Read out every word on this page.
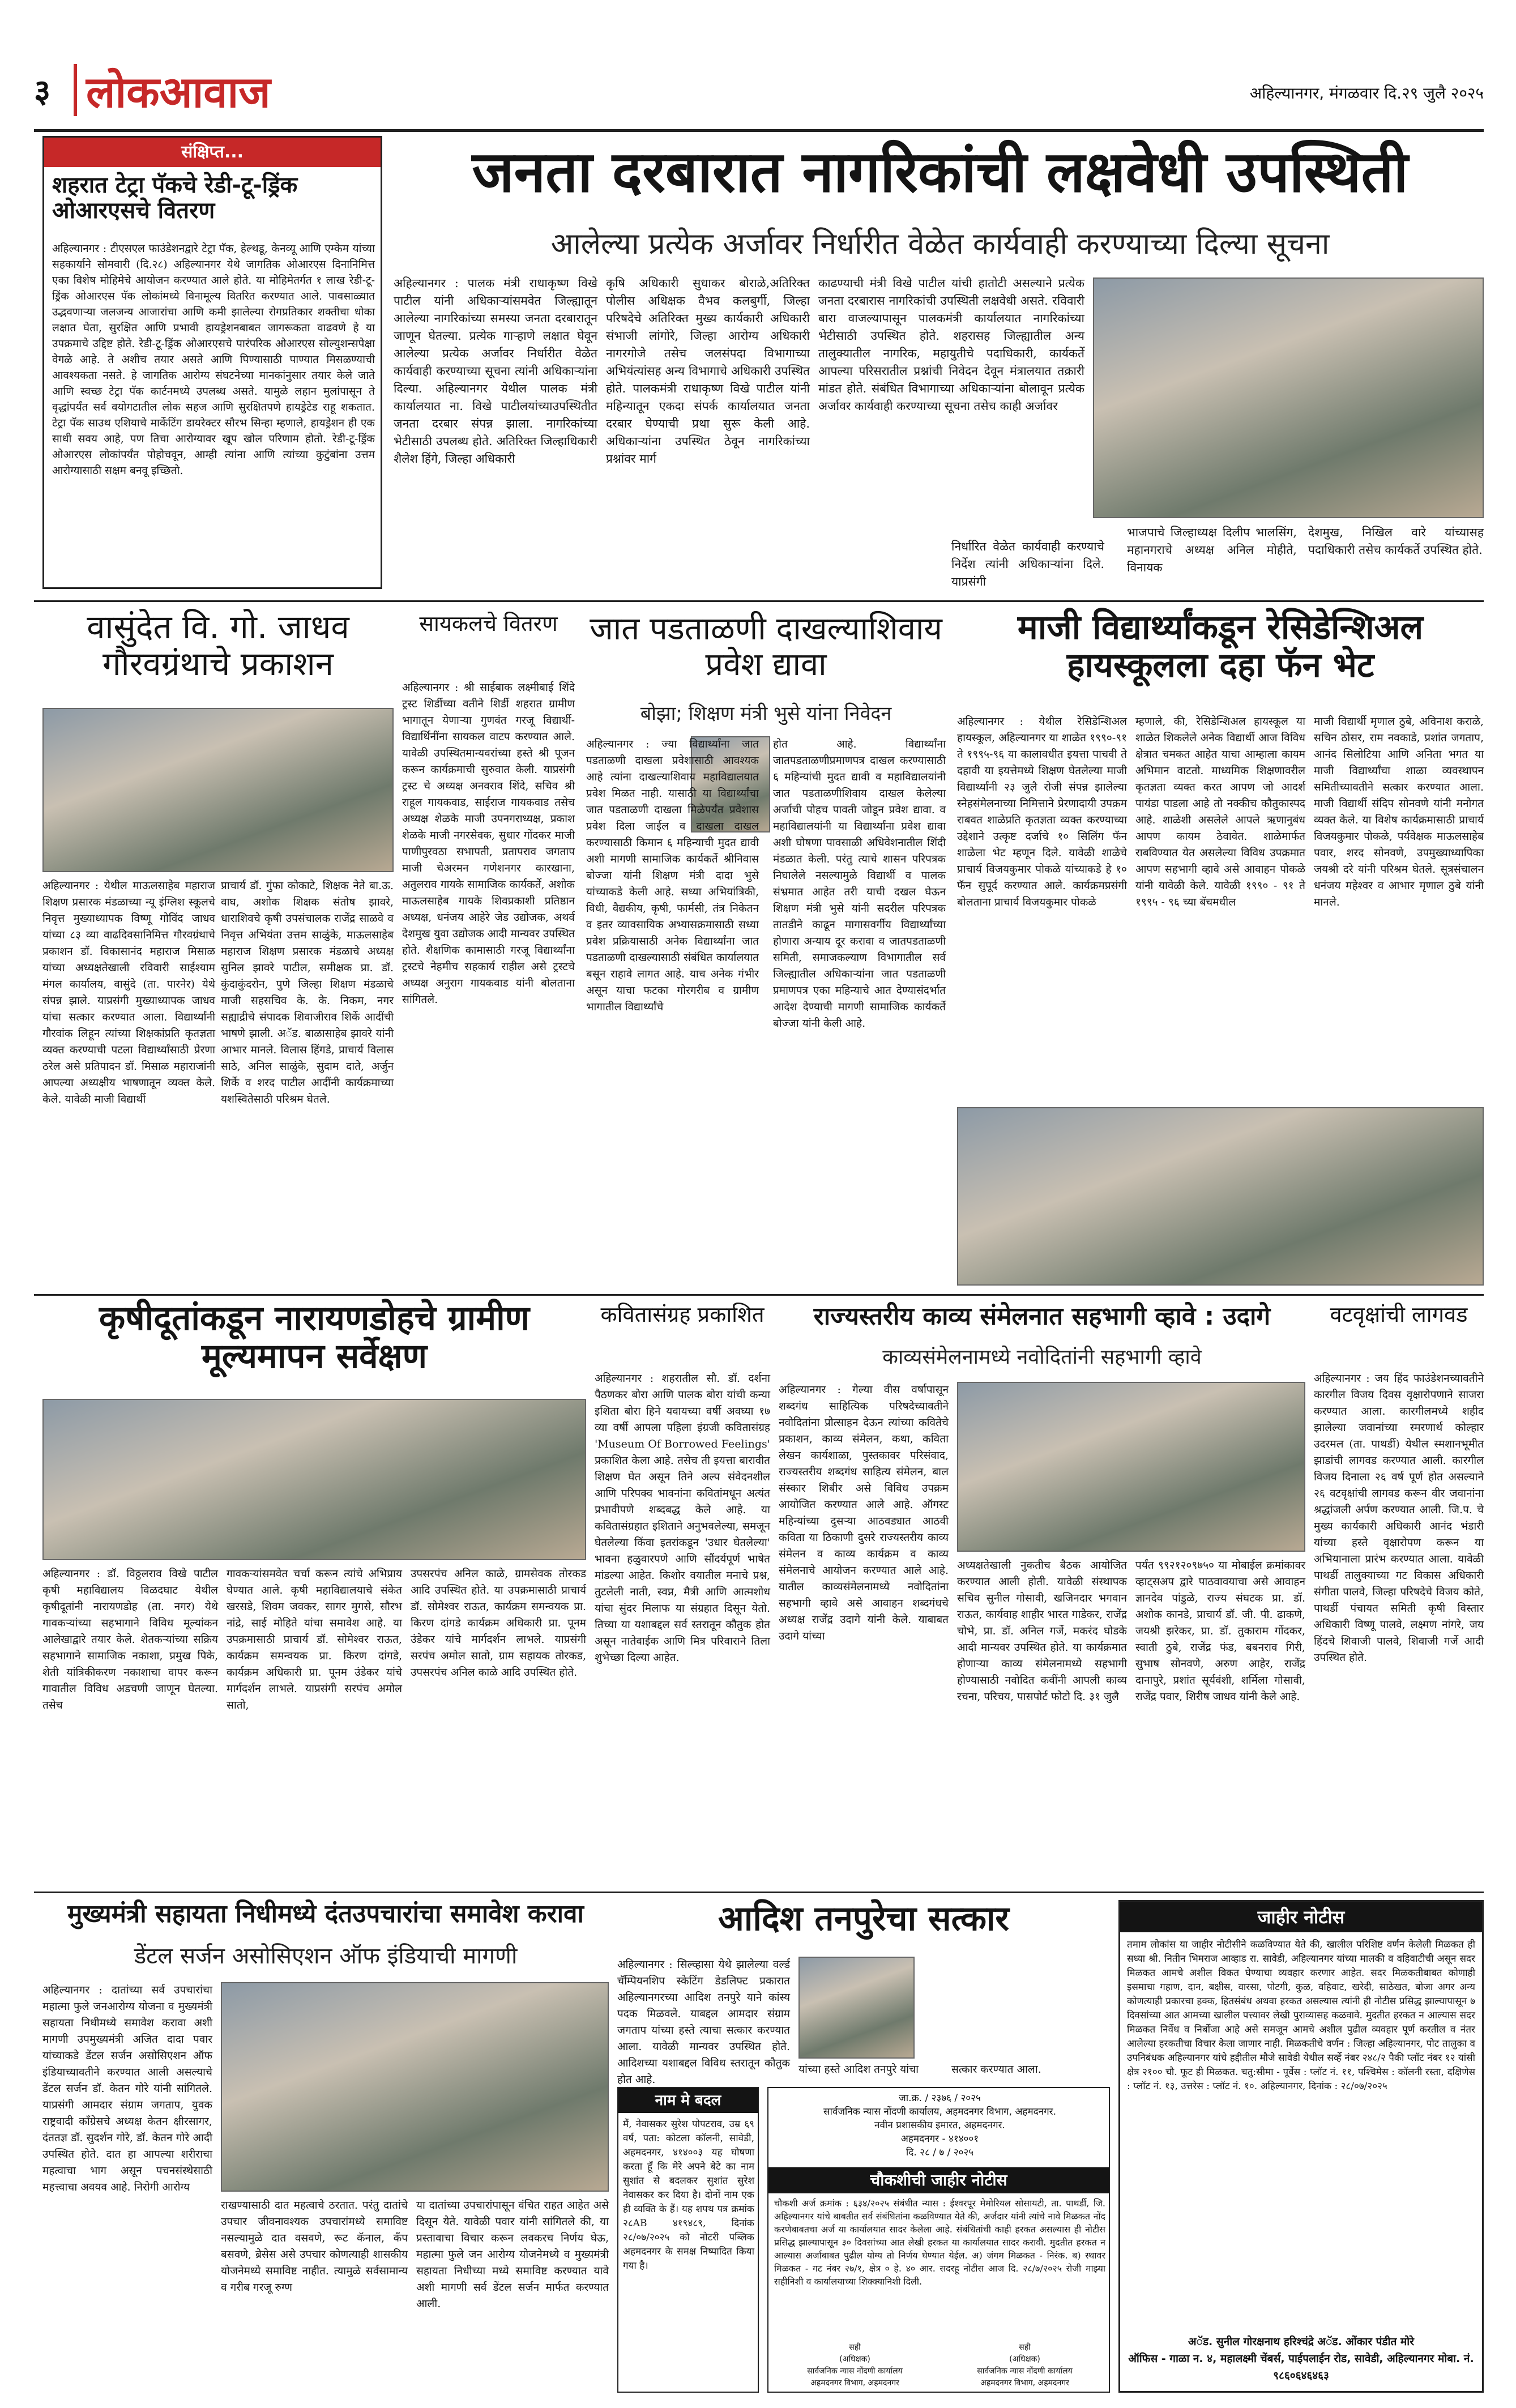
३ लोकआवाज	अहिल्यानगर, मंगळवार दि.२९ जुलै २०२५
संक्षिप्त...
शहरात टेट्रा पॅकचे रेडी-टू-ड्रिंक ओआरएसचे वितरण
अहिल्यानगर : टीएसएल फाउंडेशनद्वारे टेट्रा पॅक, हेल्थडू, केनव्यू आणि एम्केम यांच्या सहकार्याने सोमवारी (दि.२८) अहिल्यानगर येथे जागतिक ओआरएस दिनानिमित्त एका विशेष मोहिमेचे आयोजन करण्यात आले होते. या मोहिमेतर्गत १ लाख रेडी-टू-ड्रिंक ओआरएस पॅक लोकांमध्ये विनामूल्य वितरित करण्यात आले. पावसाळ्यात उद्भवणाऱ्या जलजन्य आजारांचा आणि कमी झालेल्या रोगप्रतिकार शक्तीचा धोका लक्षात घेता, सुरक्षित आणि प्रभावी हायड्रेशनबाबत जागरूकता वाढवणे हे या उपक्रमाचे उद्दिष्ट होते. रेडी-टू-ड्रिंक ओआरएसचे पारंपरिक ओआरएस सोल्युशन्सपेक्षा वेगळे आहे. ते अशीच तयार असते आणि पिण्यासाठी पाण्यात मिसळण्याची आवश्यकता नसते. हे जागतिक आरोग्य संघटनेच्या मानकांनुसार तयार केले जाते आणि स्वच्छ टेट्रा पॅक कार्टनमध्ये उपलब्ध असते. यामुळे लहान मुलांपासून ते वृद्धांपर्यंत सर्व वयोगटातील लोक सहज आणि सुरक्षितपणे हायड्रेटेड राहू शकतात. टेट्रा पॅक साउथ एशियाचे मार्केटिंग डायरेक्टर सौरभ सिन्हा म्हणाले, हायड्रेशन ही एक साधी सवय आहे, पण तिचा आरोग्यावर खूप खोल परिणाम होतो. रेडी-टू-ड्रिंक ओआरएस लोकांपर्यंत पोहोचवून, आम्ही त्यांना आणि त्यांच्या कुटुंबांना उत्तम आरोग्यासाठी सक्षम बनवू इच्छितो.
जनता दरबारात नागरिकांची लक्षवेधी उपस्थिती
आलेल्या प्रत्येक अर्जावर निर्धारीत वेळेत कार्यवाही करण्याच्या दिल्या सूचना
अहिल्यानगर : पालक मंत्री राधाकृष्ण विखे पाटील यांनी अधिकाऱ्यांसमवेत जिल्ह्यातून आलेल्या नागरिकांच्या समस्या जनता दरबारातून जाणून घेतल्या. प्रत्येक गाऱ्हाणे लक्षात घेवून आलेल्या प्रत्येक अर्जावर निर्धारीत वेळेत कार्यवाही करण्याच्या सूचना त्यांनी अधिकाऱ्यांना दिल्या. अहिल्यानगर येथील पालक मंत्री कार्यालयात ना. विखे पाटीलयांच्याउपस्थितीत जनता दरबार संपन्न झाला. नागरिकांच्या भेटीसाठी उपलब्ध होते. अतिरिक्त जिल्हाधिकारी शैलेश हिंगे, जिल्हा अधिकारी
कृषि अधिकारी सुधाकर बोराळे,अतिरिक्त पोलीस अधिक्षक वैभव कलबुर्गी, जिल्हा परिषदेचे अतिरिक्त मुख्य कार्यकारी अधिकारी संभाजी लांगोरे, जिल्हा आरोग्य अधिकारी नागरगोजे तसेच जलसंपदा विभागाच्या अभियंत्यांसह अन्य विभागाचे अधिकारी उपस्थित होते. पालकमंत्री राधाकृष्ण विखे पाटील यांनी महिन्यातून एकदा संपर्क कार्यालयात जनता दरबार घेण्याची प्रथा सुरू केली आहे. अधिकाऱ्यांना उपस्थित ठेवून नागरिकांच्या प्रश्नांवर मार्ग
काढण्याची मंत्री विखे पाटील यांची हातोटी असल्याने प्रत्येक जनता दरबारास नागरिकांची उपस्थिती लक्षवेधी असते. रविवारी बारा वाजल्यापासून पालकमंत्री कार्यालयात नागरिकांच्या भेटीसाठी उपस्थित होते. शहरासह जिल्ह्यातील अन्य तालुक्यातील नागरिक, महायुतीचे पदाधिकारी, कार्यकर्ते आपल्या परिसरातील प्रश्नांची निवेदन देवून मंत्रालयात तक्रारी मांडत होते. संबंधित विभागाच्या अधिकाऱ्यांना बोलावून प्रत्येक अर्जावर कार्यवाही करण्याच्या सूचना तसेच काही अर्जावर
निर्धारित वेळेत कार्यवाही करण्याचे निर्देश त्यांनी अधिकाऱ्यांना दिले. याप्रसंगी
भाजपाचे जिल्हाध्यक्ष दिलीप भालसिंग, महानगराचे अध्यक्ष अनिल मोहीते, विनायक
देशमुख, निखिल वारे यांच्यासह पदाधिकारी तसेच कार्यकर्ते उपस्थित होते.
वासुंदेत वि. गो. जाधव गौरवग्रंथाचे प्रकाशन
अहिल्यानगर : येथील माऊलसाहेब महाराज शिक्षण प्रसारक मंडळाच्या न्यू इंग्लिश स्कूलचे निवृत्त मुख्याध्यापक विष्णू गोविंद जाधव यांच्या ८३ व्या वाढदिवसानिमित्त गौरवग्रंथाचे प्रकाशन डॉ. विकासानंद महाराज मिसाळ यांच्या अध्यक्षतेखाली रविवारी साईश्याम मंगल कार्यालय, वासुंदे (ता. पारनेर) येथे संपन्न झाले. याप्रसंगी मुख्याध्यापक जाधव यांचा सत्कार करण्यात आला. विद्यार्थ्यांनी गौरवांक लिहून त्यांच्या शिक्षकांप्रति कृतज्ञता व्यक्त करण्याची पटला विद्यार्थ्यांसाठी प्रेरणा ठरेल असे प्रतिपादन डॉ. मिसाळ महाराजांनी आपल्या अध्यक्षीय भाषणातून व्यक्त केले. केले. यावेळी माजी विद्यार्थी
प्राचार्य डॉ. गुंफा कोकाटे, शिक्षक नेते बा.ऊ. वाघ, अशोक शिक्षक संतोष झावरे, धाराशिवचे कृषी उपसंचालक राजेंद्र साळवे व निवृत्त अभियंता उत्तम साळुंके, माऊलसाहेब महाराज शिक्षण प्रसारक मंडळाचे अध्यक्ष सुनिल झावरे पाटील, समीक्षक प्रा. डॉ. कुंदाकुंदरोन, पुणे जिल्हा शिक्षण मंडळाचे माजी सहसचिव के. के. निकम, नगर सह्याद्रीचे संपादक शिवाजीराव शिर्के आदींची भाषणे झाली. अॅड. बाळासाहेब झावरे यांनी आभार मानले. विलास हिंगडे, प्राचार्य विलास साठे, अनिल साळुंके, सुदाम दाते, अर्जुन शिर्के व शरद पाटील आदींनी कार्यक्रमाच्या यशस्वितेसाठी परिश्रम घेतले.
सायकलचे वितरण
अहिल्यानगर : श्री साईबाक लक्ष्मीबाई शिंदे ट्रस्ट शिर्डीच्या वतीने शिर्डी शहरात ग्रामीण भागातून येणाऱ्या गुणवंत गरजू विद्यार्थी-विद्यार्थिनींना सायकल वाटप करण्यात आले. यावेळी उपस्थितमान्यवरांच्या हस्ते श्री पूजन करून कार्यक्रमाची सुरुवात केली. याप्रसंगी ट्रस्ट चे अध्यक्ष अनवराव शिंदे, सचिव श्री राहूल गायकवाड, साईराज गायकवाड तसेच अध्यक्ष शेळके माजी उपनगराध्यक्ष, प्रकाश शेळके माजी नगरसेवक, सुधार गोंदकर माजी पाणीपुरवठा सभापती, प्रतापराव जगताप माजी चेअरमन गणेशनगर कारखाना, अतुलराव गायके सामाजिक कार्यकर्ते, अशोक माऊलसाहेब गायके शिवप्रकाशी प्रतिष्ठान अध्यक्ष, धनंजय आहेरे जेड उद्योजक, अथर्व देशमुख युवा उद्योजक आदी मान्यवर उपस्थित होते. शैक्षणिक कामासाठी गरजू विद्यार्थ्यांना ट्रस्टचे नेहमीच सहकार्य राहील असे ट्रस्टचे अध्यक्ष अनुराग गायकवाड यांनी बोलताना सांगितले.
जात पडताळणी दाखल्याशिवाय प्रवेश द्यावा
बोझा; शिक्षण मंत्री भुसे यांना निवेदन
अहिल्यानगर : ज्या विद्यार्थ्यांना जात पडताळणी दाखला प्रवेशासाठी आवश्यक आहे त्यांना दाखल्याशिवाय महाविद्यालयात प्रवेश मिळत नाही. यासाठी या विद्यार्थ्यांचा जात पडताळणी दाखला मिळेपर्यंत प्रवेशास प्रवेश दिला जाईल व दाखला दाखल करण्यासाठी किमान ६ महिन्याची मुदत द्यावी अशी मागणी सामाजिक कार्यकर्ते श्रीनिवास बोज्जा यांनी शिक्षण मंत्री दादा भुसे यांच्याकडे केली आहे. सध्या अभियांत्रिकी, विधी, वैद्यकीय, कृषी, फार्मसी, तंत्र निकेतन व इतर व्यावसायिक अभ्यासक्रमासाठी सध्या प्रवेश प्रक्रियासाठी अनेक विद्यार्थ्यांना जात पडताळणी दाखल्यासाठी संबंधित कार्यालयात बसून राहावे लागत आहे. याच अनेक गंभीर असून याचा फटका गोरगरीब व ग्रामीण भागातील विद्यार्थ्यांचे
होत आहे. विद्यार्थ्यांना जातपडताळणीप्रमाणपत्र दाखल करण्यासाठी ६ महिन्यांची मुदत द्यावी व महाविद्यालयांनी जात पडताळणीशिवाय दाखल केलेल्या अर्जाची पोहच पावती जोडून प्रवेश द्यावा. व महाविद्यालयांनी या विद्यार्थ्यांना प्रवेश द्यावा अशी घोषणा पावसाळी अधिवेशनातील शिंदी मंडळात केली. परंतु त्याचे शासन परिपत्रक निघालेले नसल्यामुळे विद्यार्थी व पालक संभ्रमात आहेत तरी याची दखल घेऊन शिक्षण मंत्री भुसे यांनी सदरील परिपत्रक तातडीने काढून मागासवर्गीय विद्यार्थ्यांच्या होणारा अन्याय दूर करावा व जातपडताळणी समिती, समाजकल्याण विभागातील सर्व जिल्ह्यातील अधिकाऱ्यांना जात पडताळणी प्रमाणपत्र एका महिन्याचे आत देण्यासंदर्भात आदेश देण्याची मागणी सामाजिक कार्यकर्ते बोज्जा यांनी केली आहे.
माजी विद्यार्थ्यांकडून रेसिडेन्शिअल हायस्कूलला दहा फॅन भेट
अहिल्यानगर : येथील रेसिडेन्शिअल हायस्कूल, अहिल्यानगर या शाळेत १९९०-९१ ते १९९५-९६ या कालावधीत इयत्ता पाचवी ते दहावी या इयत्तेमध्ये शिक्षण घेतलेल्या माजी विद्यार्थ्यांनी २३ जुलै रोजी संपन्न झालेल्या स्नेहसंमेलनाच्या निमित्ताने प्रेरणादायी उपक्रम राबवत शाळेप्रति कृतज्ञता व्यक्त करण्याच्या उद्देशाने उत्कृष्ट दर्जाचे १० सिलिंग फॅन शाळेला भेट म्हणून दिले. यावेळी शाळेचे प्राचार्य विजयकुमार पोकळे यांच्याकडे हे १० फॅन सुपूर्द करण्यात आले. कार्यक्रमप्रसंगी बोलताना प्राचार्य विजयकुमार पोकळे
म्हणाले, की, रेसिडेन्शिअल हायस्कूल या शाळेत शिकलेले अनेक विद्यार्थी आज विविध क्षेत्रात चमकत आहेत याचा आम्हाला कायम अभिमान वाटतो. माध्यमिक शिक्षणावरील कृतज्ञता व्यक्त करत आपण जो आदर्श पायंडा पाडला आहे तो नक्कीच कौतुकास्पद आहे. शाळेशी असलेले आपले ऋणानुबंध आपण कायम ठेवावेत. शाळेमार्फत राबविण्यात येत असलेल्या विविध उपक्रमात आपण सहभागी व्हावे असे आवाहन पोकळे यांनी यावेळी केले. यावेळी १९९० - ९१ ते १९९५ - ९६ च्या बॅचमधील
माजी विद्यार्थी मृणाल ठुबे, अविनाश कराळे, सचिन ठोसर, राम नवकाडे, प्रशांत जगताप, आनंद सिलोटिया आणि अनिता भगत या माजी विद्यार्थ्यांचा शाळा व्यवस्थापन समितीच्यावतीने सत्कार करण्यात आला. माजी विद्यार्थी संदिप सोनवणे यांनी मनोगत व्यक्त केले. या विशेष कार्यक्रमासाठी प्राचार्य विजयकुमार पोकळे, पर्यवेक्षक माऊलसाहेब पवार, शरद सोनवणे, उपमुख्याध्यापिका जयश्री दरे यांनी परिश्रम घेतले. सूत्रसंचालन धनंजय महेश्वर व आभार मृणाल ठुबे यांनी मानले.
कृषीदूतांकडून नारायणडोहचे ग्रामीण मूल्यमापन सर्वेक्षण
अहिल्यानगर : डॉ. विठ्ठलराव विखे पाटील कृषी महाविद्यालय विळदघाट येथील कृषीदूतांनी नारायणडोह (ता. नगर) येथे गावकऱ्यांच्या सहभागाने विविध मूल्यांकन आलेखाद्वारे तयार केले. शेतकऱ्यांच्या सक्रिय सहभागाने सामाजिक नकाशा, प्रमुख पिके, शेती यांत्रिकीकरण नकाशाचा वापर करून गावातील विविध अडचणी जाणून घेतल्या. तसेच
गावकऱ्यांसमवेत चर्चा करून त्यांचे अभिप्राय घेण्यात आले. कृषी महाविद्यालयाचे संकेत खरसडे, शिवम जवकर, सागर मुगसे, सौरभ नांद्रे, साई मोहिते यांचा समावेश आहे. या उपक्रमासाठी प्राचार्य डॉ. सोमेश्वर राऊत, कार्यक्रम समन्वयक प्रा. किरण दांगडे, कार्यक्रम अधिकारी प्रा. पूनम उंडेकर यांचे मार्गदर्शन लाभले. याप्रसंगी सरपंच अमोल सातो,
उपसरपंच अनिल काळे, ग्रामसेवक तोरकड आदि उपस्थित होते. या उपक्रमासाठी प्राचार्य डॉ. सोमेश्वर राऊत, कार्यक्रम समन्वयक प्रा. किरण दांगडे कार्यक्रम अधिकारी प्रा. पूनम उंडेकर यांचे मार्गदर्शन लाभले. याप्रसंगी सरपंच अमोल सातो, ग्राम सहायक तोरकड, उपसरपंच अनिल काळे आदि उपस्थित होते.
कवितासंग्रह प्रकाशित
अहिल्यानगर : शहरातील सौ. डॉ. दर्शना पैठणकर बोरा आणि पालक बोरा यांची कन्या इशिता बोरा हिने यवायच्या वर्षी अवघ्या १७ व्या वर्षी आपला पहिला इंग्रजी कवितासंग्रह 'Museum Of Borrowed Feelings' प्रकाशित केला आहे. तसेच ती इयत्ता बारावीत शिक्षण घेत असून तिने अल्प संवेदनशील आणि परिपक्व भावनांना कवितांमधून अत्यंत प्रभावीपणे शब्दबद्ध केले आहे. या कवितासंग्रहात इशिताने अनुभवलेल्या, समजून घेतलेल्या किंवा इतरांकडून 'उधार घेतलेल्या' भावना हळुवारपणे आणि सौंदर्यपूर्ण भाषेत मांडल्या आहेत. किशोर वयातील मनाचे प्रश्न, तुटलेली नाती, स्वप्न, मैत्री आणि आत्मशोध यांचा सुंदर मिलाफ या संग्रहात दिसून येतो. तिच्या या यशाबद्दल सर्व स्तरातून कौतुक होत असून नातेवाईक आणि मित्र परिवाराने तिला शुभेच्छा दिल्या आहेत.
राज्यस्तरीय काव्य संमेलनात सहभागी व्हावे : उदागे
काव्यसंमेलनामध्ये नवोदितांनी सहभागी व्हावे
अहिल्यानगर : गेल्या वीस वर्षापासून शब्दगंध साहित्यिक परिषदेच्यावतीने नवोदितांना प्रोत्साहन देऊन त्यांच्या कवितेचे प्रकाशन, काव्य संमेलन, कथा, कविता लेखन कार्यशाळा, पुस्तकावर परिसंवाद, राज्यस्तरीय शब्दगंध साहित्य संमेलन, बाल संस्कार शिबीर असे विविध उपक्रम आयोजित करण्यात आले आहे. ऑगस्ट महिन्यांच्या दुसऱ्या आठवड्यात आठवी कविता या ठिकाणी दुसरे राज्यस्तरीय काव्य संमेलन व काव्य कार्यक्रम व काव्य संमेलनाचे आयोजन करण्यात आले आहे. यातील काव्यसंमेलनामध्ये नवोदितांना सहभागी व्हावे असे आवाहन शब्दगंधचे अध्यक्ष राजेंद्र उदागे यांनी केले. याबाबत उदागे यांच्या
अध्यक्षतेखाली नुकतीच बैठक आयोजित करण्यात आली होती. यावेळी संस्थापक सचिव सुनील गोसावी, खजिनदार भगवान राऊत, कार्यवाह शाहीर भारत गाडेकर, राजेंद्र चोभे, प्रा. डॉ. अनिल गर्जे, मकरंद घोडके आदी मान्यवर उपस्थित होते. या कार्यक्रमात होणाऱ्या काव्य संमेलनामध्ये सहभागी होण्यासाठी नवोदित कवींनी आपली काव्य रचना, परिचय, पासपोर्ट फोटो दि. ३१ जुलै
पर्यंत ९९२१२०९७५० या मोबाईल क्रमांकावर व्हाट्सअप द्वारे पाठवावयाचा असे आवाहन ज्ञानदेव पांडुळे, राज्य संघटक प्रा. डॉ. अशोक कानडे, प्राचार्य डॉ. जी. पी. ढाकणे, जयश्री झरेकर, प्रा. डॉ. तुकाराम गोंदकर, स्वाती ठुबे, राजेंद्र फंड, बबनराव गिरी, सुभाष सोनवणे, अरुण आहेर, राजेंद्र दानापुरे, प्रशांत सूर्यवंशी, शर्मिला गोसावी, राजेंद्र पवार, शिरीष जाधव यांनी केले आहे.
वटवृक्षांची लागवड
अहिल्यानगर : जय हिंद फाउंडेशनच्यावतीने कारगील विजय दिवस वृक्षारोपणाने साजरा करण्यात आला. कारगीलमध्ये शहीद झालेल्या जवानांच्या स्मरणार्थ कोल्हार उदरमल (ता. पाथर्डी) येथील स्मशानभूमीत झाडांची लागवड करण्यात आली. कारगील विजय दिनाला २६ वर्ष पूर्ण होत असल्याने २६ वटवृक्षांची लागवड करून वीर जवानांना श्रद्धांजली अर्पण करण्यात आली. जि.प. चे मुख्य कार्यकारी अधिकारी आनंद भंडारी यांच्या हस्ते वृक्षारोपण करून या अभियानाला प्रारंभ करण्यात आला. यावेळी पाथर्डी तालुक्याच्या गट विकास अधिकारी संगीता पालवे, जिल्हा परिषदेचे विजय कोते, पाथर्डी पंचायत समिती कृषी विस्तार अधिकारी विष्णू पालवे, लक्ष्मण नांगरे, जय हिंदचे शिवाजी पालवे, शिवाजी गर्जे आदी उपस्थित होते.
मुख्यमंत्री सहायता निधीमध्ये दंतउपचारांचा समावेश करावा
डेंटल सर्जन असोसिएशन ऑफ इंडियाची मागणी
अहिल्यानगर : दातांच्या सर्व उपचारांचा महात्मा फुले जनआरोग्य योजना व मुख्यमंत्री सहायता निधीमध्ये समावेश करावा अशी मागणी उपमुख्यमंत्री अजित दादा पवार यांच्याकडे डेंटल सर्जन असोसिएशन ऑफ इंडियाच्यावतीने करण्यात आली असल्याचे डेंटल सर्जन डॉ. केतन गोरे यांनी सांगितले. याप्रसंगी आमदार संग्राम जगताप, युवक राष्ट्रवादी काँग्रेसचे अध्यक्ष केतन क्षीरसागर, दंततज्ञ डॉ. सुदर्शन गोरे, डॉ. केतन गोरे आदी उपस्थित होते. दात हा आपल्या शरीराचा महत्वाचा भाग असून पचनसंस्थेसाठी महत्त्वाचा अवयव आहे. निरोगी आरोग्य
राखण्यासाठी दात महत्वाचे ठरतात. परंतु दातांचे उपचार जीवनावश्यक उपचारांमध्ये समाविष्ट नसल्यामुळे दात वसवणे, रूट कॅनाल, कँप बसवणे, ब्रेसेस असे उपचार कोणत्याही शासकीय योजनेमध्ये समाविष्ट नाहीत. त्यामुळे सर्वसामान्य व गरीब गरजू रुग्ण
या दातांच्या उपचारांपासून वंचित राहत आहेत असे दिसून येते. यावेळी पवार यांनी सांगितले की, या प्रस्तावाचा विचार करून लवकरच निर्णय घेऊ, महात्मा फुले जन आरोग्य योजनेमध्ये व मुख्यमंत्री सहायता निधीच्या मध्ये समाविष्ट करण्यात यावे अशी मागणी सर्व डेंटल सर्जन मार्फत करण्यात आली.
आदिश तनपुरेचा सत्कार
अहिल्यानगर : सिल्व्हासा येथे झालेल्या वर्ल्ड चॅम्पियनशिप स्केटिंग डेडलिफ्ट प्रकारात अहिल्यानगरच्या आदिश तनपुरे याने कांस्य पदक मिळवले. याबद्दल आमदार संग्राम जगताप यांच्या हस्ते त्याचा सत्कार करण्यात आला. यावेळी मान्यवर उपस्थित होते. आदिशच्या यशाबद्दल विविध स्तरातून कौतुक होत आहे.
यांच्या हस्ते आदिश तनपुरे यांचा	सत्कार करण्यात आला.
नाम मे बदल
मैं, नेवासकर सुरेश पोपटराव, उम्र ६९ वर्ष, पता: कोटला कॉलनी, सावेडी, अहमदनगर, ४१४००३ यह घोषणा करता हूँ कि मेरे अपने बेटे का नाम सुशांत से बदलकर सुशांत सुरेश नेवासकर कर दिया है। दोनों नाम एक ही व्यक्ति के हैं। यह शपथ पत्र क्रमांक २८AB ४१९४८९, दिनांक २८/०७/२०२५ को नोटरी पब्लिक अहमदनगर के समक्ष निष्पादित किया गया है।
जा.क्र. / २३७६ / २०२५
सार्वजनिक न्यास नोंदणी कार्यालय, अहमदनगर विभाग, अहमदनगर.
नवीन प्रशासकीय इमारत, अहमदनगर.
अहमदनगर - ४१४००१
दि. २८ / ७ / २०२५
चौकशीची जाहीर नोटीस
चौकशी अर्ज क्रमांक : ६३४/२०२५ संबंधीत न्यास : ईश्वरपूर मेमोरियल सोसायटी, ता. पाथर्डी, जि. अहिल्यानगर यांचे बाबतीत सर्व संबंधितांना कळविण्यात येते की, अर्जदार यांनी त्यांचे नावे मिळकत नोंद करणेबाबतचा अर्ज या कार्यालयात सादर केलेला आहे. संबंधितांची काही हरकत असल्यास ही नोटीस प्रसिद्ध झाल्यापासून ३० दिवसांच्या आत लेखी हरकत या कार्यालयात सादर करावी. मुदतीत हरकत न आल्यास अर्जाबाबत पुढील योग्य तो निर्णय घेण्यात येईल. अ) जंगम मिळकत - निरंक. ब) स्थावर मिळकत - गट नंबर २७/१, क्षेत्र ० हे. ४० आर. सदरहू नोटीस आज दि. २८/७/२०२५ रोजी माझ्या सहीनिशी व कार्यालयाच्या शिक्क्यानिशी दिली.
सही
(अधिक्षक)
सार्वजनिक न्यास नोंदणी कार्यालय
अहमदनगर विभाग, अहमदनगर
सही
(अधिक्षक)
सार्वजनिक न्यास नोंदणी कार्यालय
अहमदनगर विभाग, अहमदनगर
जाहीर नोटीस
तमाम लोकांस या जाहीर नोटीसीने कळविण्यात येते की, खालील परिशिष्ट वर्णन केलेली मिळकत ही सध्या श्री. नितीन भिमराज आव्हाड रा. सावेडी, अहिल्यानगर यांच्या मालकी व वहिवाटीची असून सदर मिळकत आमचे अशील विकत घेण्याचा व्यवहार करणार आहेत. सदर मिळकतीबाबत कोणाही इसमाचा गहाण, दान, बक्षीस, वारसा, पोटगी, कुळ, वहिवाट, खरेदी, साठेखत, बोजा अगर अन्य कोणत्याही प्रकारचा हक्क, हितसंबंध अथवा हरकत असल्यास त्यांनी ही नोटीस प्रसिद्ध झाल्यापासून ७ दिवसांच्या आत आमच्या खालील पत्त्यावर लेखी पुराव्यासह कळवावे. मुदतीत हरकत न आल्यास सदर मिळकत निर्वेध व निर्बोजा आहे असे समजून आमचे अशील पुढील व्यवहार पूर्ण करतील व नंतर आलेल्या हरकतीचा विचार केला जाणार नाही. मिळकतीचे वर्णन : जिल्हा अहिल्यानगर, पोट तालुका व उपनिबंधक अहिल्यानगर यांचे हद्दीतील मौजे सावेडी येथील सर्व्हे नंबर २४८/२ पैकी प्लॉट नंबर १२ यांसी क्षेत्र २१०० चौ. फूट ही मिळकत. चतु:सीमा - पूर्वेस : प्लॉट नं. ११, पश्चिमेस : कॉलनी रस्ता, दक्षिणेस : प्लॉट नं. १३, उत्तरेस : प्लॉट नं. १०. अहिल्यानगर, दिनांक : २८/०७/२०२५
अॅड. सुनील गोरक्षनाथ हरिश्चंद्रे अॅड. ओंकार पंडीत मोरे
ऑफिस - गाळा न. ४, महालक्ष्मी चेंबर्स, पाईपलाईन रोड, सावेडी, अहिल्यानगर मोबा. नं. ९८६०६४६४६३
